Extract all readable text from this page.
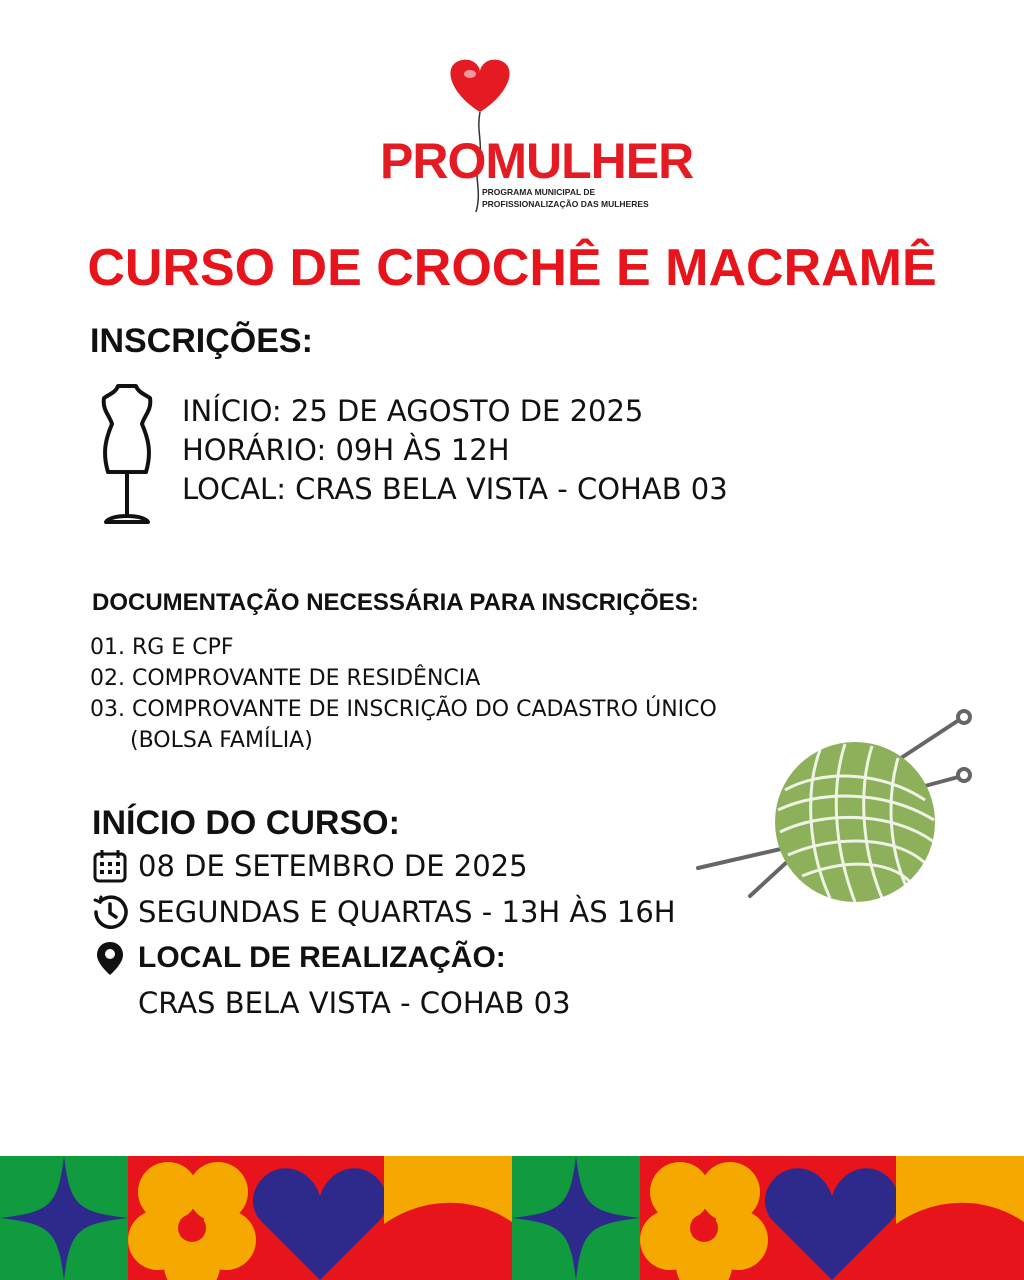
PROMULHER
PROGRAMA MUNICIPAL DE
PROFISSIONALIZAÇÃO DAS MULHERES
CURSO DE CROCHÊ E MACRAMÊ
INSCRIÇÕES:
INÍCIO: 25 DE AGOSTO DE 2025
HORÁRIO: 09H ÀS 12H
LOCAL: CRAS BELA VISTA - COHAB 03
DOCUMENTAÇÃO NECESSÁRIA PARA INSCRIÇÕES:
01. RG E CPF
02. COMPROVANTE DE RESIDÊNCIA
03. COMPROVANTE DE INSCRIÇÃO DO CADASTRO ÚNICO
(BOLSA FAMÍLIA)
INÍCIO DO CURSO:
08 DE SETEMBRO DE 2025
SEGUNDAS E QUARTAS - 13H ÀS 16H
LOCAL DE REALIZAÇÃO:
CRAS BELA VISTA - COHAB 03
